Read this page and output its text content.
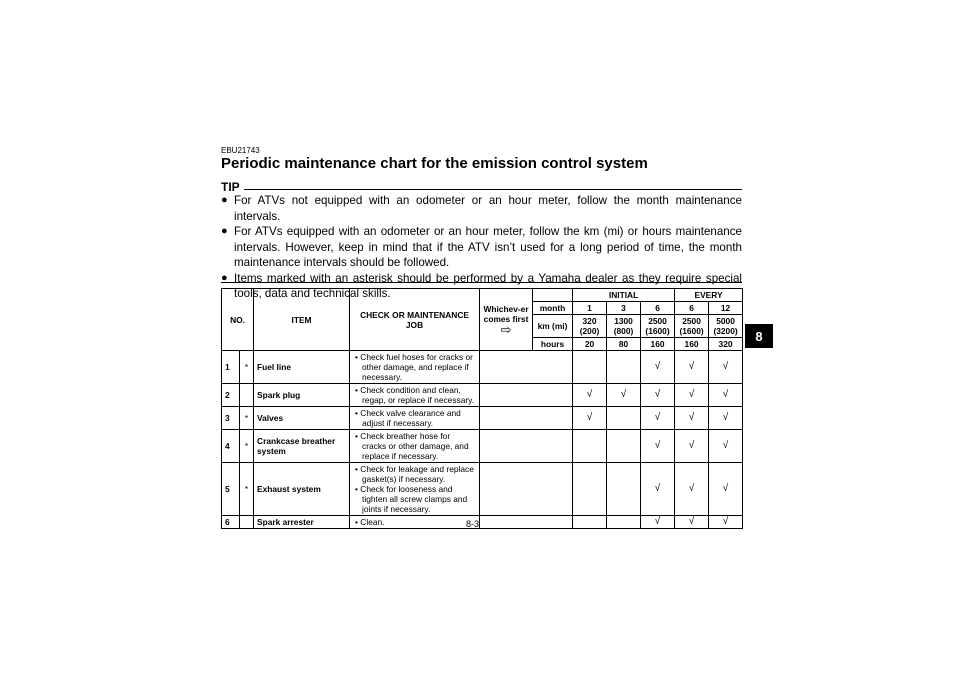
EBU21743
Periodic maintenance chart for the emission control system
TIP
● For ATVs not equipped with an odometer or an hour meter, follow the month maintenance intervals.
● For ATVs equipped with an odometer or an hour meter, follow the km (mi) or hours maintenance intervals. However, keep in mind that if the ATV isn’t used for a long period of time, the month maintenance intervals should be followed.
● Items marked with an asterisk should be performed by a Yamaha dealer as they require special tools, data and technical skills.
NO.		ITEM	CHECK OR MAINTENANCE JOB	Whichev-er comes first
⇨		INITIAL			EVERY	
					month	1	3	6	6	12
					km (mi)	320 (200)	1300 (800)	2500 (1600)	2500 (1600)	5000 (3200)
					hours	20	80	160	160	320
1	*	Fuel line	• Check fuel hoses for cracks or other damage, and replace if necessary.					√	√	√
2		Spark plug	• Check condition and clean, regap, or replace if necessary.			√	√	√	√	√
3	*	Valves	• Check valve clearance and adjust if necessary.			√		√	√	√
4	*	Crankcase breather system	• Check breather hose for cracks or other damage, and replace if necessary.					√	√	√
5	*	Exhaust system	• Check for leakage and replace gasket(s) if necessary.
• Check for looseness and tighten all screw clamps and joints if necessary.					√	√	√
6		Spark arrester	• Clean.					√	√	√
8
8-3
